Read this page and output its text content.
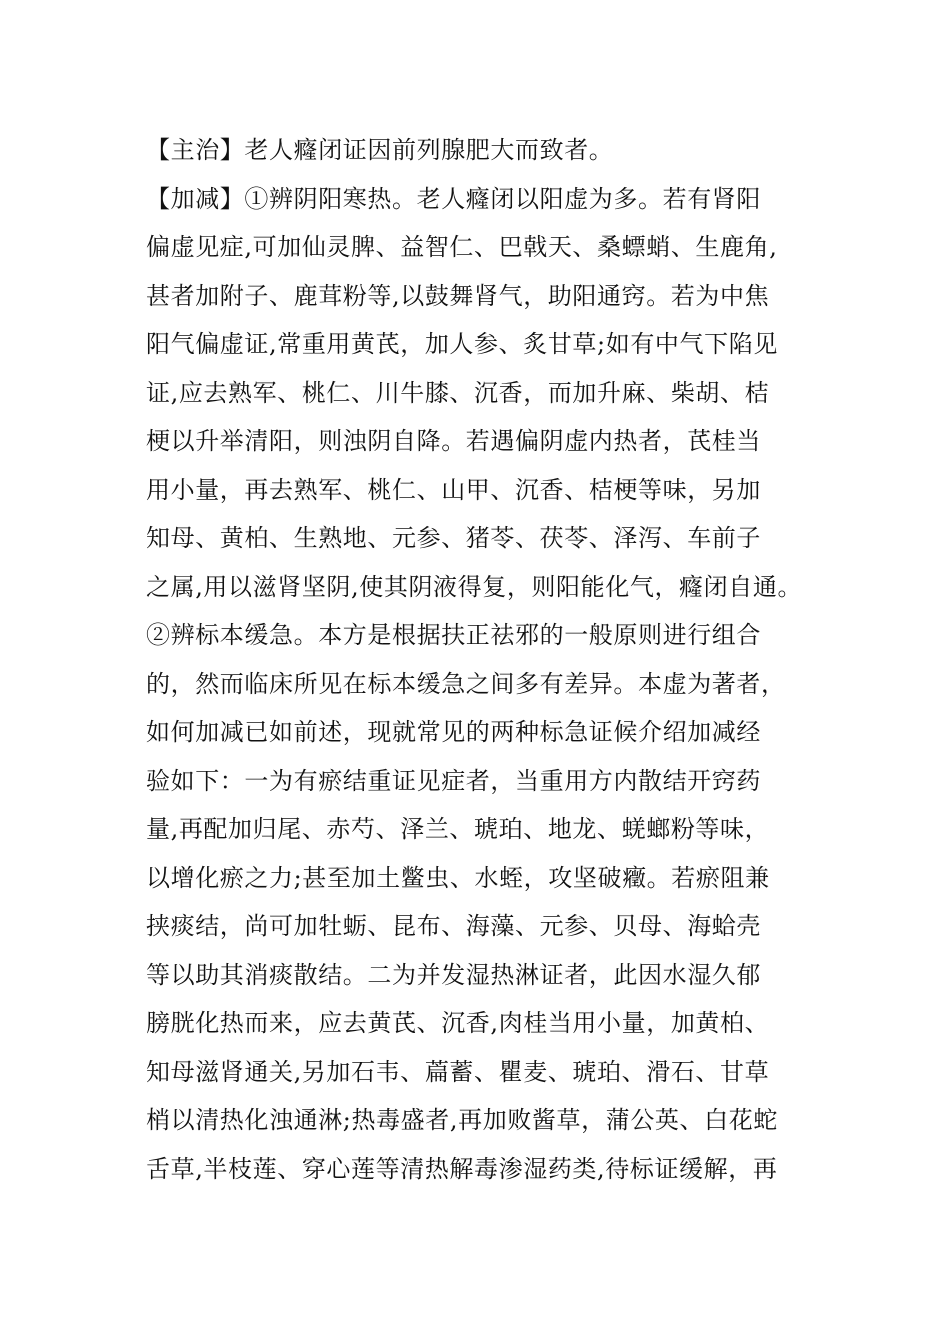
【主治】老人癃闭证因前列腺肥大而致者。
【加减】①辨阴阳寒热。老人癃闭以阳虚为多。若有肾阳
偏虚见症,可加仙灵脾、益智仁、巴戟天、桑螵蛸、生鹿角,
甚者加附子、鹿茸粉等,以鼓舞肾气，助阳通窍。若为中焦
阳气偏虚证,常重用黄芪，加人参、炙甘草;如有中气下陷见
证,应去熟军、桃仁、川牛膝、沉香，而加升麻、柴胡、桔
梗以升举清阳，则浊阴自降。若遇偏阴虚内热者，芪桂当
用小量，再去熟军、桃仁、山甲、沉香、桔梗等味，另加
知母、黄柏、生熟地、元参、猪苓、茯苓、泽泻、车前子
之属,用以滋肾坚阴,使其阴液得复，则阳能化气，癃闭自通。
②辨标本缓急。本方是根据扶正祛邪的一般原则进行组合
的，然而临床所见在标本缓急之间多有差异。本虚为著者，
如何加减已如前述，现就常见的两种标急证候介绍加减经
验如下：一为有瘀结重证见症者，当重用方内散结开窍药
量,再配加归尾、赤芍、泽兰、琥珀、地龙、蜣螂粉等味，
以增化瘀之力;甚至加土鳖虫、水蛭，攻坚破癥。若瘀阻兼
挟痰结，尚可加牡蛎、昆布、海藻、元参、贝母、海蛤壳
等以助其消痰散结。二为并发湿热淋证者，此因水湿久郁
膀胱化热而来，应去黄芪、沉香,肉桂当用小量，加黄柏、
知母滋肾通关,另加石韦、萹蓄、瞿麦、琥珀、滑石、甘草
梢以清热化浊通淋;热毒盛者,再加败酱草，蒲公英、白花蛇
舌草,半枝莲、穿心莲等清热解毒渗湿药类,待标证缓解，再
